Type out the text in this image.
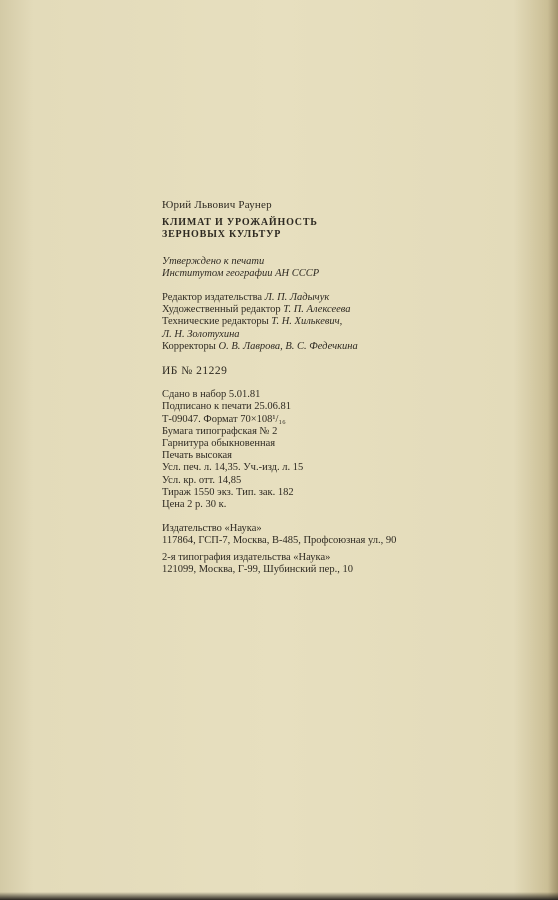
Юрий Львович Раунер
КЛИМАТ И УРОЖАЙНОСТЬ
ЗЕРНОВЫХ КУЛЬТУР
Утверждено к печати
Институтом географии АН СССР
Редактор издательства Л. П. Ладычук
Художественный редактор Т. П. Алексеева
Технические редакторы Т. Н. Хилькевич,
Л. Н. Золотухина
Корректоры О. В. Лаврова, В. С. Федечкина
ИБ № 21229
Сдано в набор 5.01.81
Подписано к печати 25.06.81
Т-09047. Формат 70×108¹/₁₆
Бумага типографская № 2
Гарнитура обыкновенная
Печать высокая
Усл. печ. л. 14,35. Уч.-изд. л. 15
Усл. кр. отт. 14,85
Тираж 1550 экз. Тип. зак. 182
Цена 2 р. 30 к.
Издательство «Наука»
117864, ГСП-7, Москва, В-485, Профсоюзная ул., 90
2-я типография издательства «Наука»
121099, Москва, Г-99, Шубинский пер., 10
